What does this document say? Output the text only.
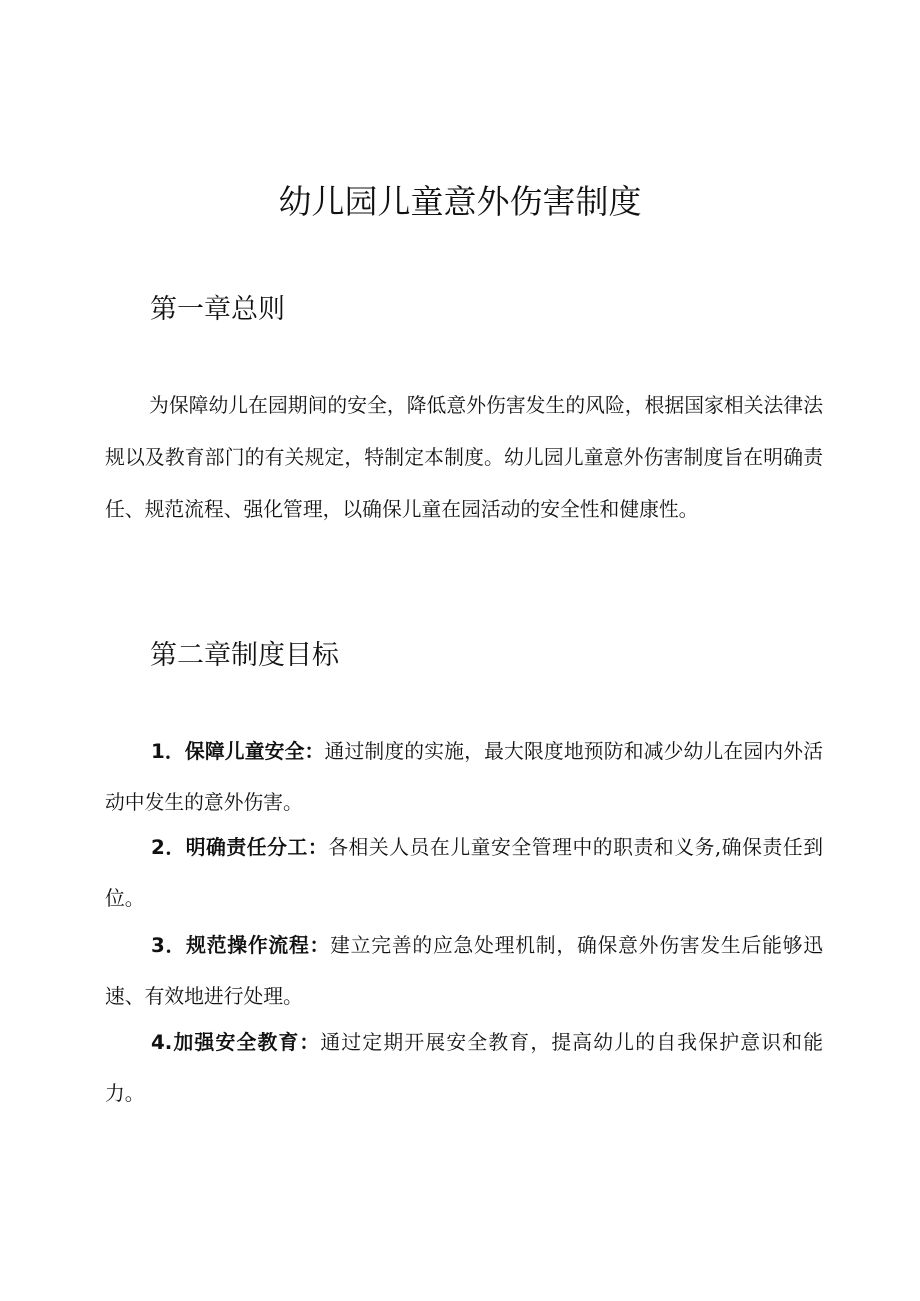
幼儿园儿童意外伤害制度
第一章总则

为保障幼儿在园期间的安全，降低意外伤害发生的风险，根据国家相关法律法规以及教育部门的有关规定，特制定本制度。幼儿园儿童意外伤害制度旨在明确责任、规范流程、强化管理，以确保儿童在园活动的安全性和健康性。

第二章制度目标

1．保障儿童安全：通过制度的实施，最大限度地预防和减少幼儿在园内外活动中发生的意外伤害。

2．明确责任分工：各相关人员在儿童安全管理中的职责和义务,确保责任到位。

3．规范操作流程：建立完善的应急处理机制，确保意外伤害发生后能够迅速、有效地进行处理。

4.加强安全教育：通过定期开展安全教育，提高幼儿的自我保护意识和能力。
